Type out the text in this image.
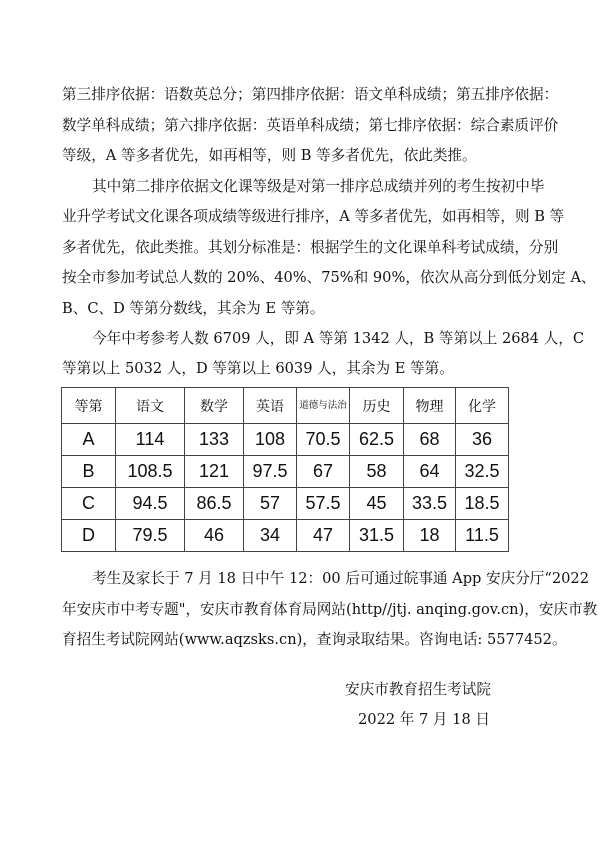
第三排序依据：语数英总分；第四排序依据：语文单科成绩；第五排序依据：
数学单科成绩；第六排序依据：英语单科成绩；第七排序依据：综合素质评价
等级，A 等多者优先，如再相等，则 B 等多者优先，依此类推。
其中第二排序依据文化课等级是对第一排序总成绩并列的考生按初中毕
业升学考试文化课各项成绩等级进行排序，A 等多者优先，如再相等，则 B 等
多者优先，依此类推。其划分标准是：根据学生的文化课单科考试成绩，分别
按全市参加考试总人数的 20%、40%、75%和 90%，依次从高分到低分划定 A、
B、C、D 等第分数线，其余为 E 等第。
今年中考参考人数 6709 人，即 A 等第 1342 人，B 等第以上 2684 人，C
等第以上 5032 人，D 等第以上 6039 人，其余为 E 等第。
等第	语文	数学	英语	道德与法治	历史	物理	化学
A	114	133	108	70.5	62.5	68	36
B	108.5	121	97.5	67	58	64	32.5
C	94.5	86.5	57	57.5	45	33.5	18.5
D	79.5	46	34	47	31.5	18	11.5
考生及家长于 7 月 18 日中午 12：00 后可通过皖事通 App 安庆分厅“2022
年安庆市中考专题"，安庆市教育体育局网站(http//jtj. anqing.gov.cn)，安庆市教
育招生考试院网站(www.aqzsks.cn)，查询录取结果。咨询电话: 5577452。
安庆市教育招生考试院
2022 年 7 月 18 日
